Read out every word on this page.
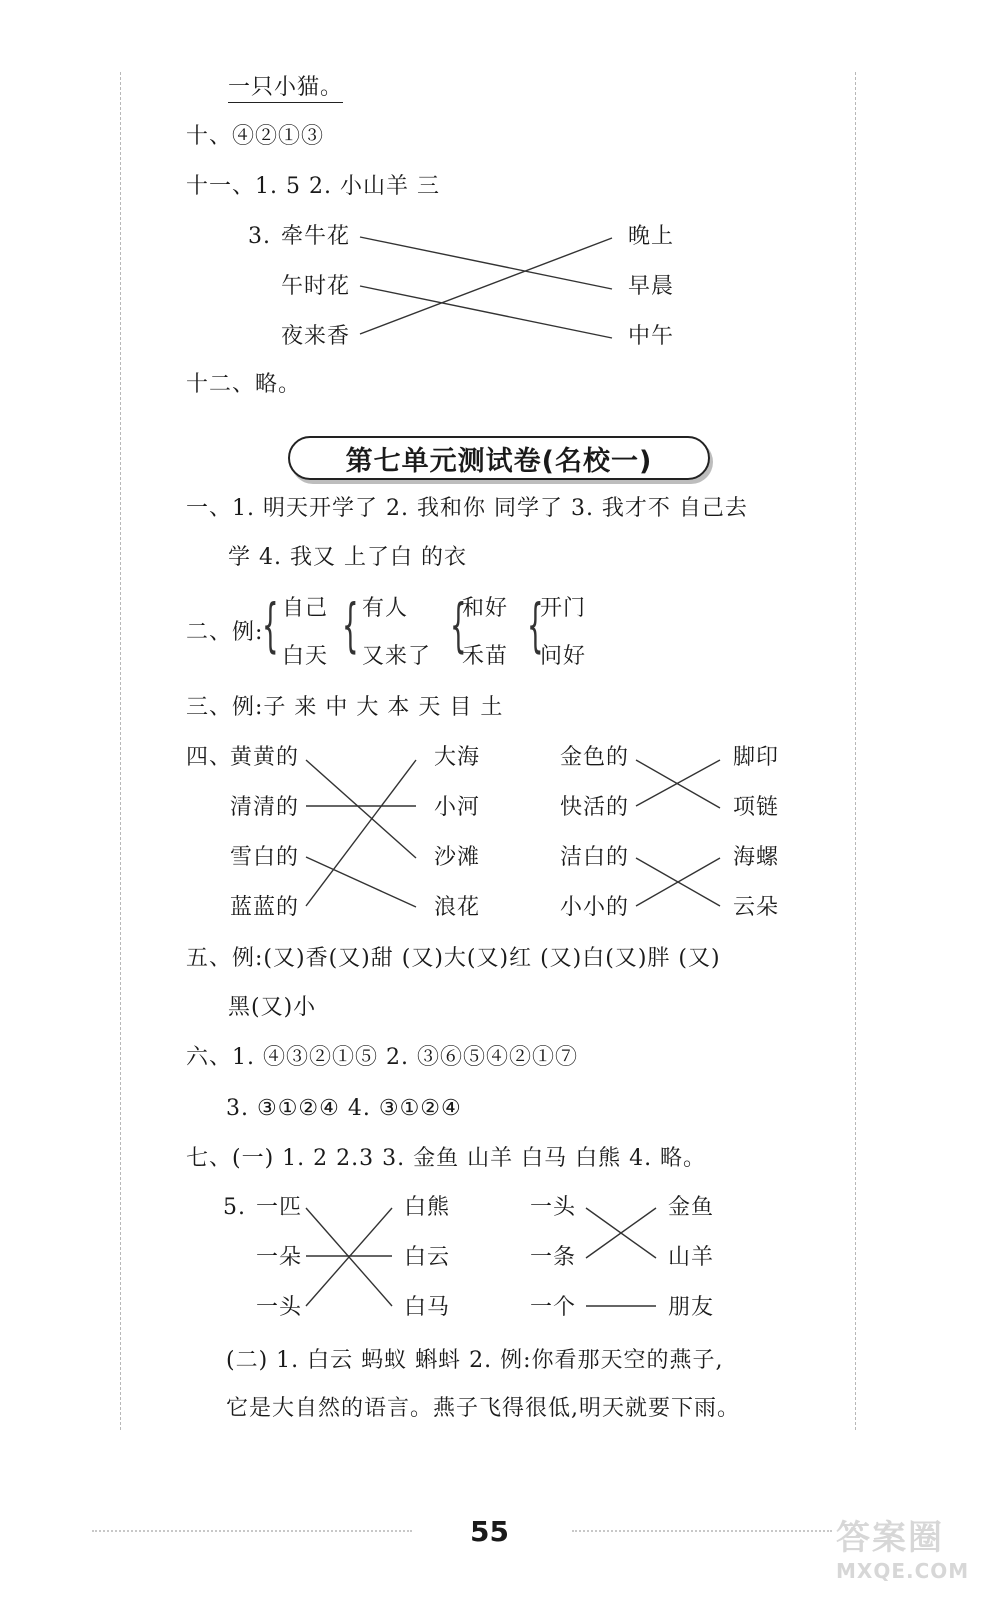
一只小猫。
十、④②①③
十一、1. 5 2. 小山羊 三
3. 牵牛花
午时花
夜来香
晚上
早晨
中午
十二、略。
第七单元测试卷(名校一)
一、1. 明天开学了 2. 我和你 同学了 3. 我才不 自己去
学 4. 我又 上了白 的衣
二、例:
{ { { {
自己
白天
有人
又来了
和好
禾苗
开门
问好
三、例:子 来 中 大 本 天 目 土
四、
黄黄的
清清的
雪白的
蓝蓝的
大海
小河
沙滩
浪花
金色的
快活的
洁白的
小小的
脚印
项链
海螺
云朵
五、例:(又)香(又)甜 (又)大(又)红 (又)白(又)胖 (又)
黑(又)小
六、1. ④③②①⑤ 2. ③⑥⑤④②①⑦
3. ③①②④ 4. ③①②④
七、(一) 1. 2 2.3 3. 金鱼 山羊 白马 白熊 4. 略。
5. 一匹
一朵
一头
白熊
白云
白马
一头
一条
一个
金鱼
山羊
朋友
(二) 1. 白云 蚂蚁 蝌蚪 2. 例:你看那天空的燕子,
它是大自然的语言。燕子飞得很低,明天就要下雨。
55	答案圈
MXQE.COM
